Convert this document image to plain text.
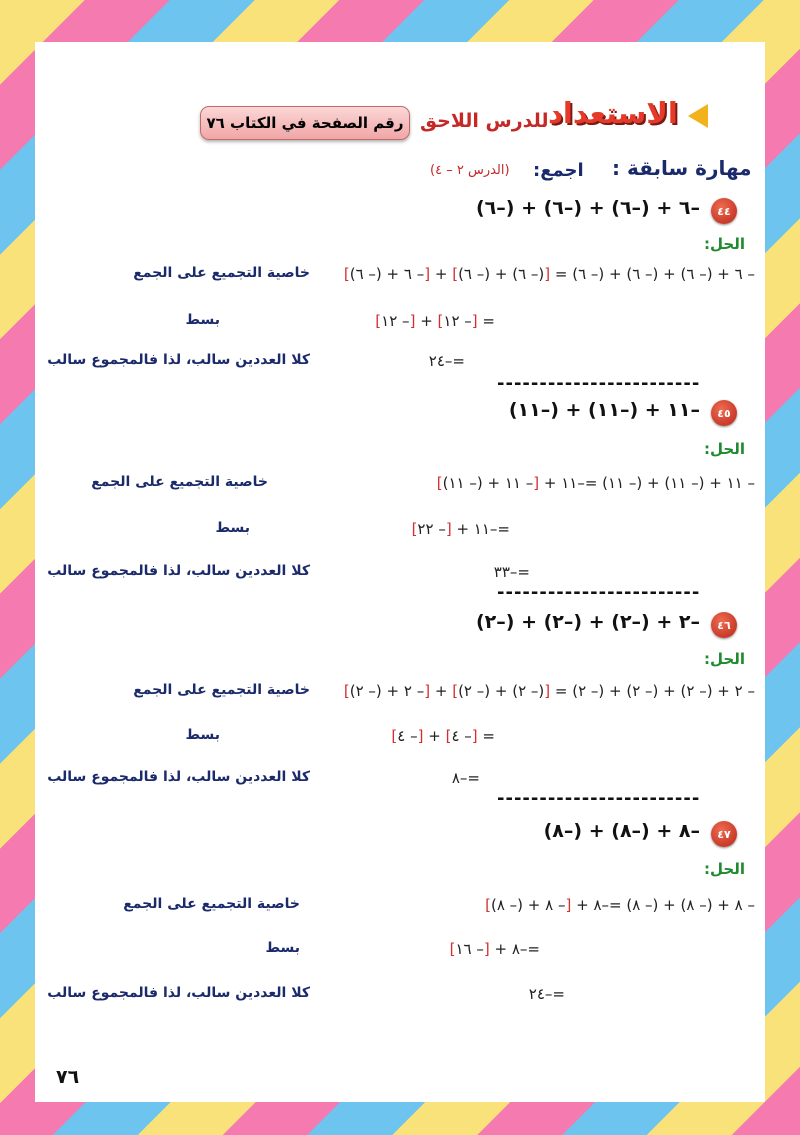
الاستعداد
للدرس اللاحق
رقم الصفحة في الكتاب ٧٦
مهارة سابقة :
اجمع:
(الدرس ٢ – ٤)
٤٤
–٦ + (–٦) + (–٦) + (–٦)
الحل:
– ٦ + (– ٦) + (– ٦) + (– ٦) = [(– ٦) + (– ٦)] + [– ٦ + (– ٦)]
خاصية التجميع على الجمع
= [– ١٢] + [– ١٢]
بسط
=–٢٤
كلا العددين سالب، لذا فالمجموع سالب
------------------------
٤٥
–١١ + (–١١) + (–١١)
الحل:
– ١١ + (– ١١) + (– ١١) =–١١ + [– ١١ + (– ١١)]
خاصية التجميع على الجمع
=–١١ + [– ٢٢]
بسط
=–٣٣
كلا العددين سالب، لذا فالمجموع سالب
------------------------
٤٦
–٢ + (–٢) + (–٢) + (–٢)
الحل:
– ٢ + (– ٢) + (– ٢) + (– ٢) = [(– ٢) + (– ٢)] + [– ٢ + (– ٢)]
خاصية التجميع على الجمع
= [– ٤] + [– ٤]
بسط
=–٨
كلا العددين سالب، لذا فالمجموع سالب
------------------------
٤٧
–٨ + (–٨) + (–٨)
الحل:
– ٨ + (– ٨) + (– ٨) =–٨ + [– ٨ + (– ٨)]
خاصية التجميع على الجمع
=–٨ + [– ١٦]
بسط
=–٢٤
كلا العددين سالب، لذا فالمجموع سالب
٧٦
